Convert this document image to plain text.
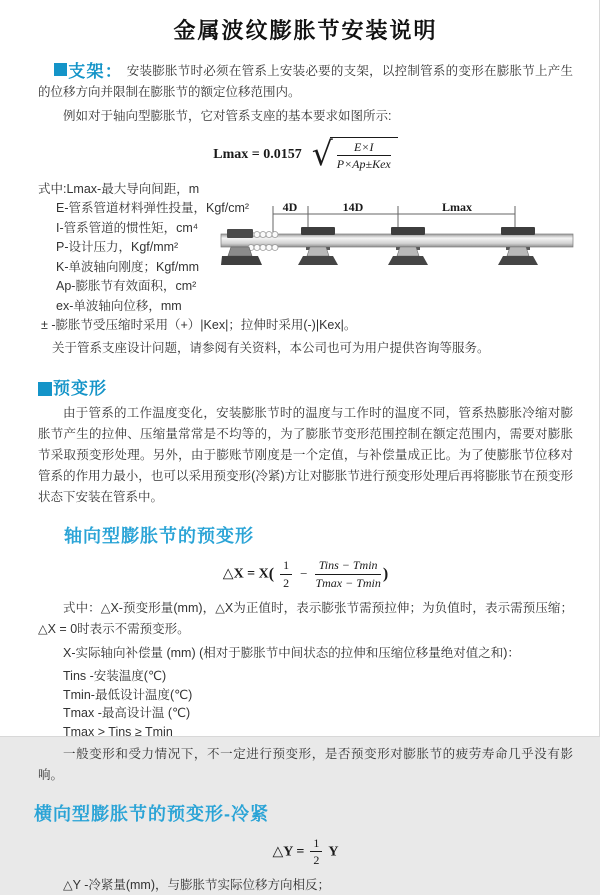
金属波纹膨胀节安装说明
支架： 安装膨胀节时必须在管系上安装必要的支架，以控制管系的变形在膨胀节上产生的位移方向并限制在膨胀节的额定位移范围内。

例如对于轴向型膨胀节，它对管系支座的基本要求如图所示:

Lmax = 0.0157 √ $\frac{E\times I}{\text{P×Ap±Kex}}$
式中:Lmax-最大导向间距，m
E-管系管道材料弹性投量，Kgf/cm²
I-管系管道的惯性矩，cm⁴
P-设计压力，Kgf/mm²
K-单波轴向刚度；Kgf/mm
Ap-膨胀节有效面积，cm²
ex-单波轴向位移，mm
± -膨胀节受压缩时采用（+）|Kex|；拉伸时采用(-)|Kex|。
关于管系支座设计问题，请参阅有关资料，本公司也可为用户提供咨询等服务。
4D	14D	Lmax
预变形

由于管系的工作温度变化，安装膨胀节时的温度与工作时的温度不同，管系热膨胀冷缩对膨胀节产生的拉伸、压缩量常常是不均等的，为了膨胀节变形范围控制在额定范围内，需要对膨胀节采取预变形处理。另外，由于膨账节刚度是一个定值，与补偿量成正比。为了使膨胀节位移对管系的作用力最小，也可以采用预变形(冷紧)方让对膨胀节进行预变形处理后再将膨胀节在预变形状态下安装在管系中。

轴向型膨胀节的预变形
△X = $X( \frac{1}{2} - \frac{\text{Tins − Tmin}}{Tmax - Tmin}$ )

式中：△X-预变形量(mm)，△X为正值时，表示膨张节需预拉伸；为负值时，表示需预压缩；△X = 0时表示不需预变形。

X-实际轴向补偿量 (mm) (相对于膨胀节中间状态的拉伸和压缩位移量绝对值之和)：

Tins -安装温度(℃)
Tmin-最低设计温度(℃)
Tmax -最高设计温 (℃)
Tmax > Tins ≥ Tmin

一般变形和受力情况下，不一定进行预变形，是否预变形对膨胀节的疲劳寿命几乎没有影响。

横向型膨胀节的预变形-冷紧
△Y = $\frac{1}{2}$ Y

△Y -冷紧量(mm)，与膨胀节实际位移方向相反；
